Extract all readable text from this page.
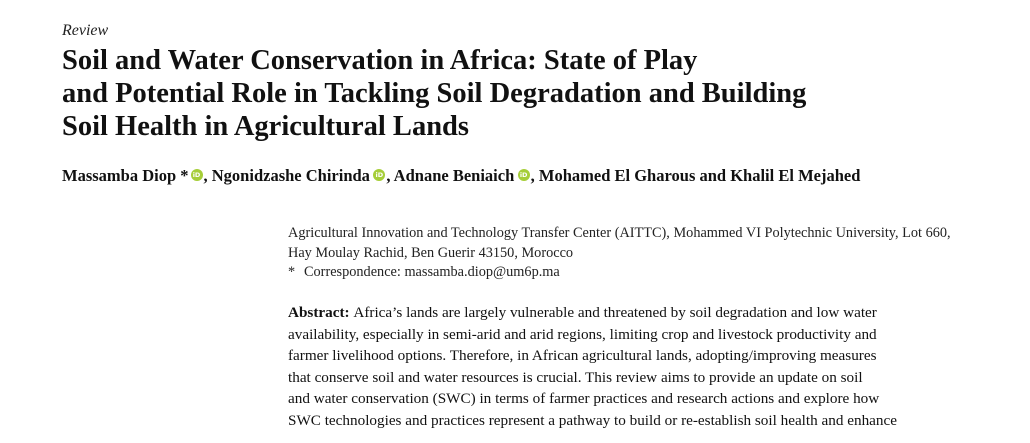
Review
Soil and Water Conservation in Africa: State of Play
and Potential Role in Tackling Soil Degradation and Building
Soil Health in Agricultural Lands
Massamba Diop * iD , Ngonidzashe Chirinda  iD , Adnane Beniaich  iD , Mohamed El Gharous and Khalil El Mejahed
Agricultural Innovation and Technology Transfer Center (AITTC), Mohammed VI Polytechnic University, Lot 660,
Hay Moulay Rachid, Ben Guerir 43150, Morocco
* Correspondence: massamba.diop@um6p.ma
Abstract: Africa’s lands are largely vulnerable and threatened by soil degradation and low water
availability, especially in semi-arid and arid regions, limiting crop and livestock productivity and
farmer livelihood options. Therefore, in African agricultural lands, adopting/improving measures
that conserve soil and water resources is crucial. This review aims to provide an update on soil
and water conservation (SWC) in terms of farmer practices and research actions and explore how
SWC technologies and practices represent a pathway to build or re-establish soil health and enhance
